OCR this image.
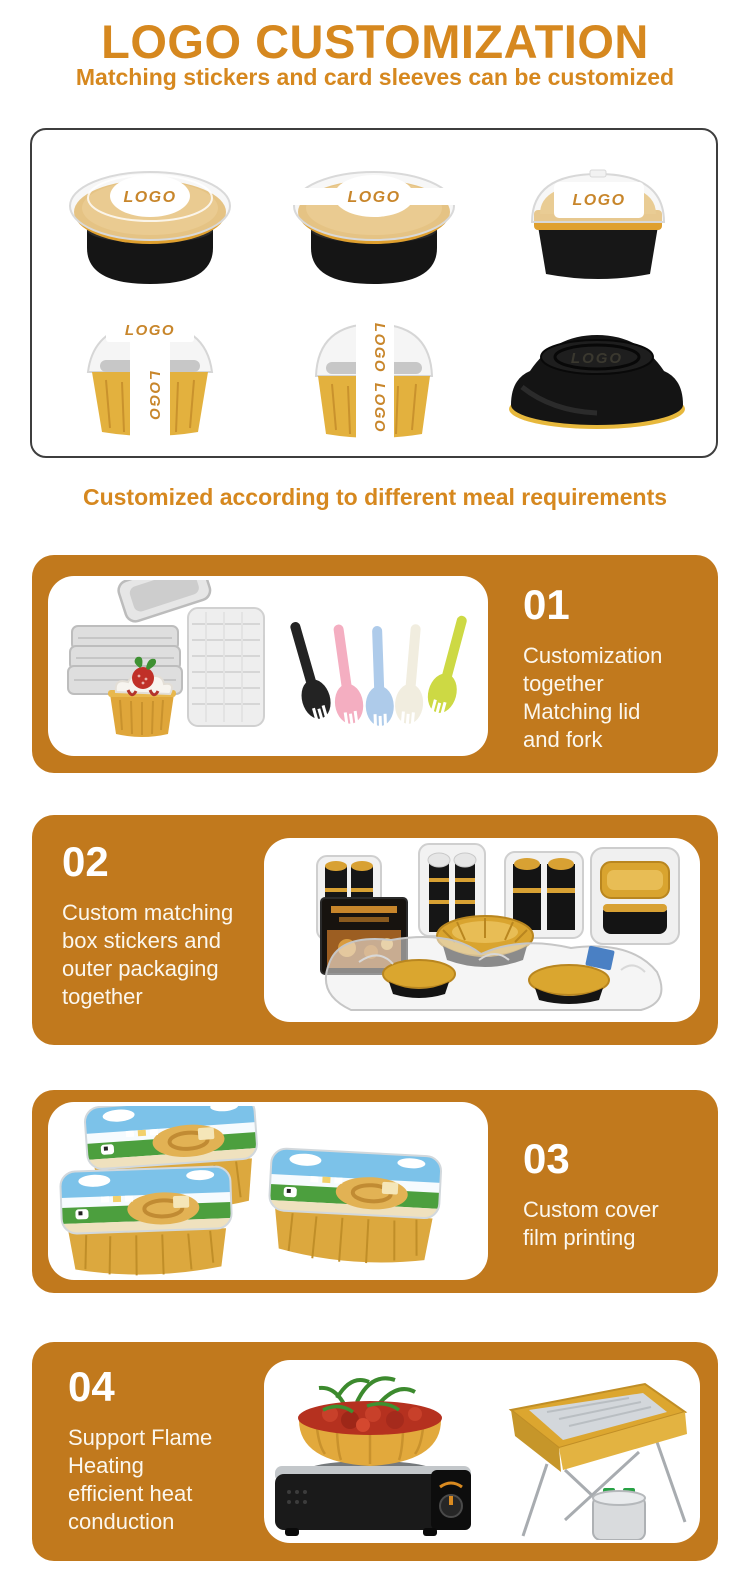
LOGO CUSTOMIZATION
Matching stickers and card sleeves can be customized
LOGO	LOGO	LOGO
LOGO
LOGO
LOGO
LOGO
LOGO
Customized according to different meal requirements
01
Customization
together
Matching lid
and fork
02
Custom matching
box stickers and
outer packaging
together
03
Custom cover
film printing
04
Support Flame
Heating
efficient heat
conduction
